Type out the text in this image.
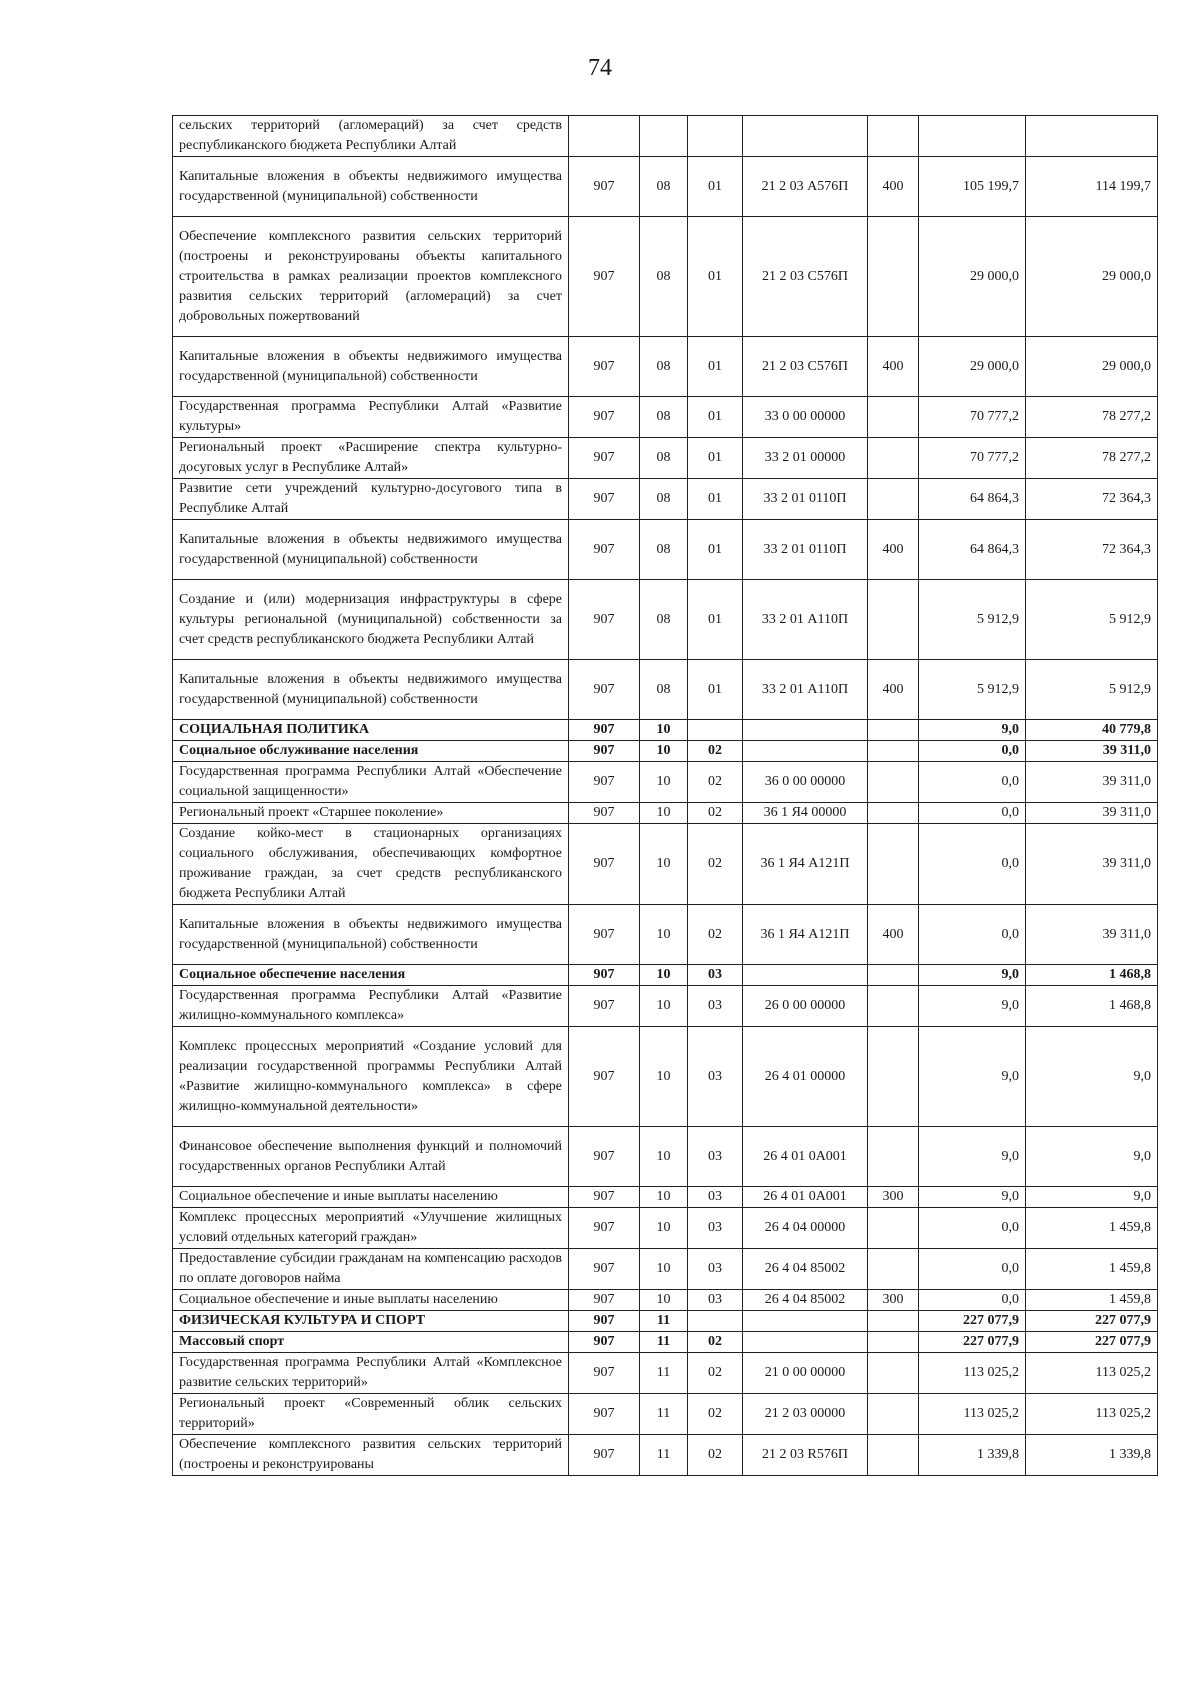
74
сельских территорий (агломераций) за счет средств республиканского бюджета Республики Алтай							
Капитальные вложения в объекты недвижимого имущества государственной (муниципальной) собственности	907	08	01	21 2 03 А576П	400	105 199,7	114 199,7
Обеспечение комплексного развития сельских территорий (построены и реконструированы объекты капитального строительства в рамках реализации проектов комплексного развития сельских территорий (агломераций) за счет добровольных пожертвований	907	08	01	21 2 03 С576П		29 000,0	29 000,0
Капитальные вложения в объекты недвижимого имущества государственной (муниципальной) собственности	907	08	01	21 2 03 С576П	400	29 000,0	29 000,0
Государственная программа Республики Алтай «Развитие культуры»	907	08	01	33 0 00 00000		70 777,2	78 277,2
Региональный проект «Расширение спектра культурно-досуговых услуг в Республике Алтай»	907	08	01	33 2 01 00000		70 777,2	78 277,2
Развитие сети учреждений культурно-досугового типа в Республике Алтай	907	08	01	33 2 01 0110П		64 864,3	72 364,3
Капитальные вложения в объекты недвижимого имущества государственной (муниципальной) собственности	907	08	01	33 2 01 0110П	400	64 864,3	72 364,3
Создание и (или) модернизация инфраструктуры в сфере культуры региональной (муниципальной) собственности за счет средств республиканского бюджета Республики Алтай	907	08	01	33 2 01 А110П		5 912,9	5 912,9
Капитальные вложения в объекты недвижимого имущества государственной (муниципальной) собственности	907	08	01	33 2 01 А110П	400	5 912,9	5 912,9
СОЦИАЛЬНАЯ ПОЛИТИКА	907	10				9,0	40 779,8
Социальное обслуживание населения	907	10	02			0,0	39 311,0
Государственная программа Республики Алтай «Обеспечение социальной защищенности»	907	10	02	36 0 00 00000		0,0	39 311,0
Региональный проект «Старшее поколение»	907	10	02	36 1 Я4 00000		0,0	39 311,0
Создание койко-мест в стационарных организациях социального обслуживания, обеспечивающих комфортное проживание граждан, за счет средств республиканского бюджета Республики Алтай	907	10	02	36 1 Я4 А121П		0,0	39 311,0
Капитальные вложения в объекты недвижимого имущества государственной (муниципальной) собственности	907	10	02	36 1 Я4 А121П	400	0,0	39 311,0
Социальное обеспечение населения	907	10	03			9,0	1 468,8
Государственная программа Республики Алтай «Развитие жилищно-коммунального комплекса»	907	10	03	26 0 00 00000		9,0	1 468,8
Комплекс процессных мероприятий «Создание условий для реализации государственной программы Республики Алтай «Развитие жилищно-коммунального комплекса» в сфере жилищно-коммунальной деятельности»	907	10	03	26 4 01 00000		9,0	9,0
Финансовое обеспечение выполнения функций и полномочий государственных органов Республики Алтай	907	10	03	26 4 01 0А001		9,0	9,0
Социальное обеспечение и иные выплаты населению	907	10	03	26 4 01 0А001	300	9,0	9,0
Комплекс процессных мероприятий «Улучшение жилищных условий отдельных категорий граждан»	907	10	03	26 4 04 00000		0,0	1 459,8
Предоставление субсидии гражданам на компенсацию расходов по оплате договоров найма	907	10	03	26 4 04 85002		0,0	1 459,8
Социальное обеспечение и иные выплаты населению	907	10	03	26 4 04 85002	300	0,0	1 459,8
ФИЗИЧЕСКАЯ КУЛЬТУРА И СПОРТ	907	11				227 077,9	227 077,9
Массовый спорт	907	11	02			227 077,9	227 077,9
Государственная программа Республики Алтай «Комплексное развитие сельских территорий»	907	11	02	21 0 00 00000		113 025,2	113 025,2
Региональный проект «Современный облик сельских территорий»	907	11	02	21 2 03 00000		113 025,2	113 025,2
Обеспечение комплексного развития сельских территорий (построены и реконструированы	907	11	02	21 2 03 R576П		1 339,8	1 339,8
